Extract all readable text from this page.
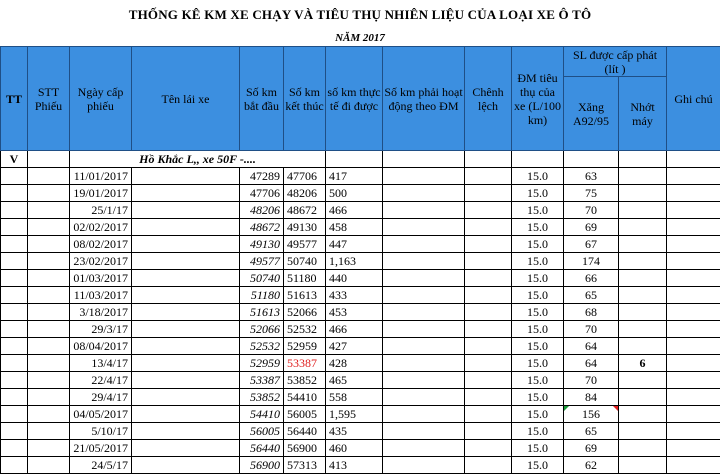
THỐNG KÊ KM XE CHẠY VÀ TIÊU THỤ NHIÊN LIỆU CỦA LOẠI XE Ô TÔ
NĂM 2017
TT	STT Phiếu	Ngày cấp phiếu	Tên lái xe	Số km bắt đầu	Số km kết thúc	số km thực tế đi được	Số km phải hoạt động theo ĐM	Chênh lệch	ĐM tiêu thụ của xe (L/100 km)	SL được cấp phát (lít )		Ghi chú
										Xăng A92/95	Nhớt máy	
V		Hồ Khắc L,, xe 50F -....										
		11/01/2017		47289	47706	417			15.0	63		
		19/01/2017		47706	48206	500			15.0	75		
		25/1/17		48206	48672	466			15.0	70		
		02/02/2017		48672	49130	458			15.0	69		
		08/02/2017		49130	49577	447			15.0	67		
		23/02/2017		49577	50740	1,163			15.0	174		
		01/03/2017		50740	51180	440			15.0	66		
		11/03/2017		51180	51613	433			15.0	65		
		3/18/2017		51613	52066	453			15.0	68		
		29/3/17		52066	52532	466			15.0	70		
		08/04/2017		52532	52959	427			15.0	64		
		13/4/17		52959	53387	428			15.0	64	6	
		22/4/17		53387	53852	465			15.0	70		
		29/4/17		53852	54410	558			15.0	84		
		04/05/2017		54410	56005	1,595			15.0	156		
		5/10/17		56005	56440	435			15.0	65		
		21/05/2017		56440	56900	460			15.0	69		
		24/5/17		56900	57313	413			15.0	62		
